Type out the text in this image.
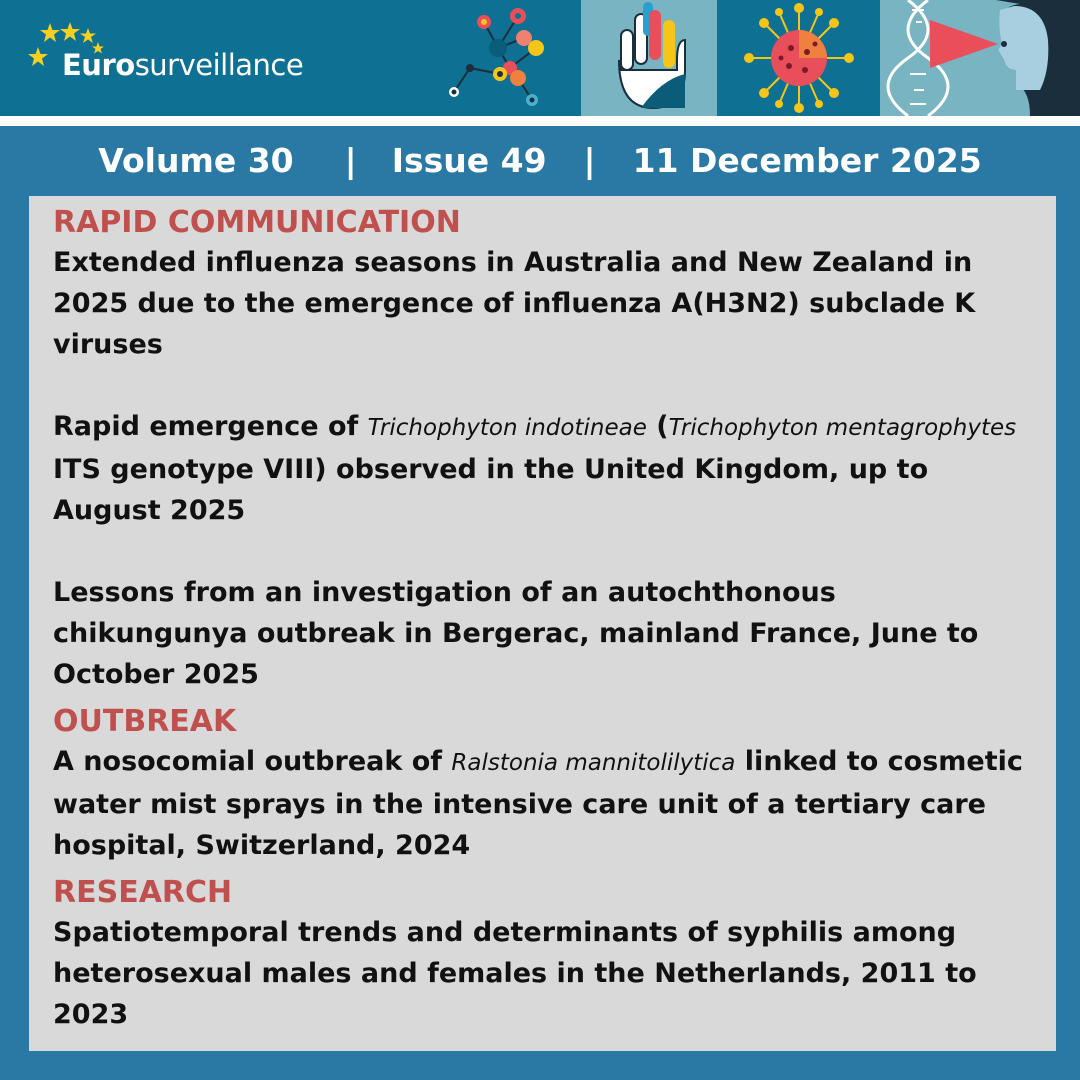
Eurosurveillance
Volume 30 | Issue 49 | 11 December 2025
RAPID COMMUNICATION
Extended influenza seasons in Australia and New Zealand in 2025 due to the emergence of influenza A(H3N2) subclade K viruses
Rapid emergence of Trichophyton indotineae (Trichophyton mentagrophytes ITS genotype VIII) observed in the United Kingdom, up to August 2025
Lessons from an investigation of an autochthonous chikungunya outbreak in Bergerac, mainland France, June to October 2025
OUTBREAK
A nosocomial outbreak of Ralstonia mannitolilytica linked to cosmetic water mist sprays in the intensive care unit of a tertiary care hospital, Switzerland, 2024
RESEARCH
Spatiotemporal trends and determinants of syphilis among heterosexual males and females in the Netherlands, 2011 to 2023
